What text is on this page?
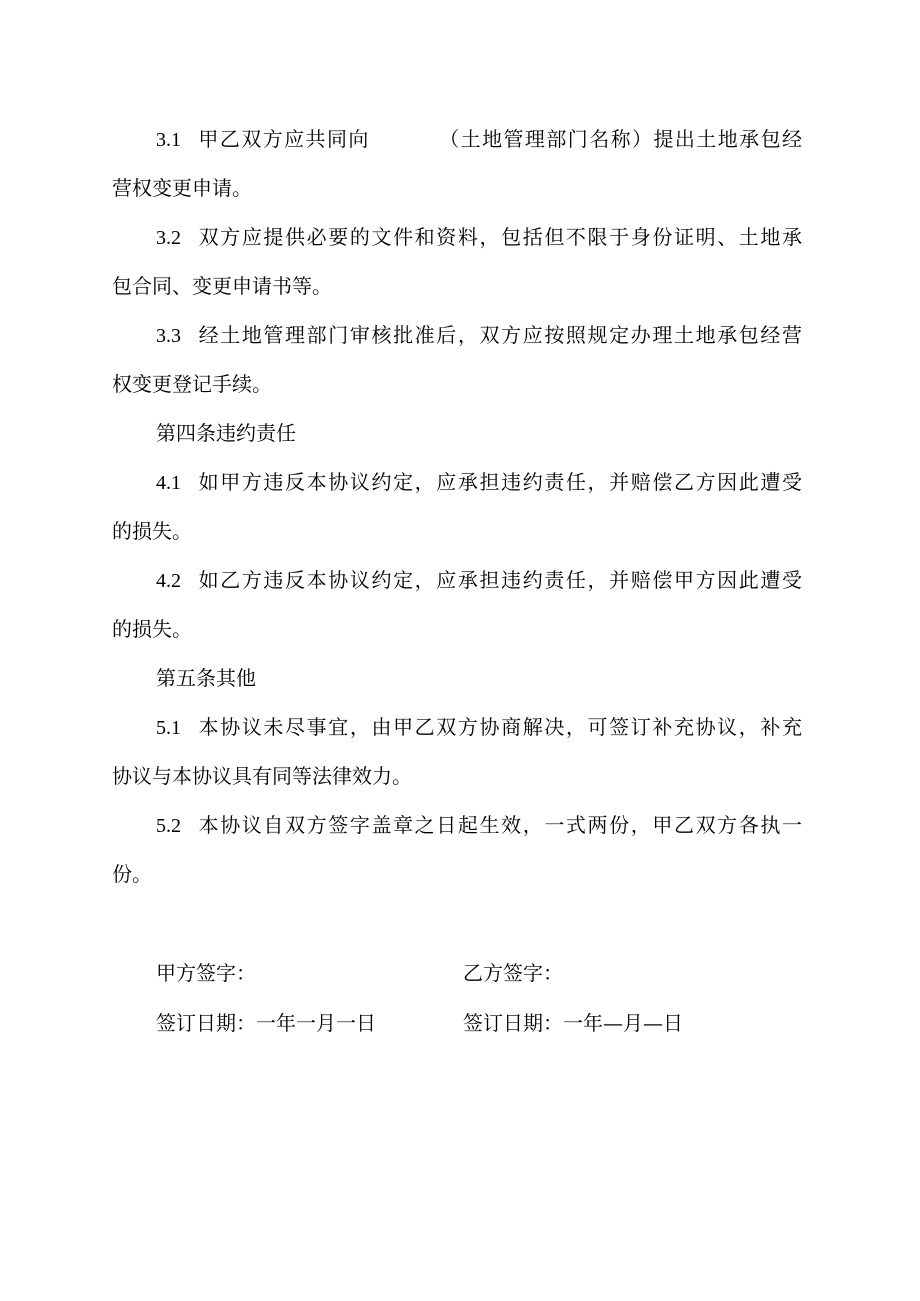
3.1 甲乙双方应共同向	（土地管理部门名称）提出土地承包经
营权变更申请。
3.2 双方应提供必要的文件和资料，包括但不限于身份证明、土地承
包合同、变更申请书等。
3.3 经土地管理部门审核批准后，双方应按照规定办理土地承包经营
权变更登记手续。
第四条违约责任
4.1 如甲方违反本协议约定，应承担违约责任，并赔偿乙方因此遭受
的损失。
4.2 如乙方违反本协议约定，应承担违约责任，并赔偿甲方因此遭受
的损失。
第五条其他
5.1 本协议未尽事宜，由甲乙双方协商解决，可签订补充协议，补充
协议与本协议具有同等法律效力。
5.2 本协议自双方签字盖章之日起生效，一式两份，甲乙双方各执一
份。
甲方签字：	乙方签字：
签订日期：一年一月一日	签订日期：一年—月—日
